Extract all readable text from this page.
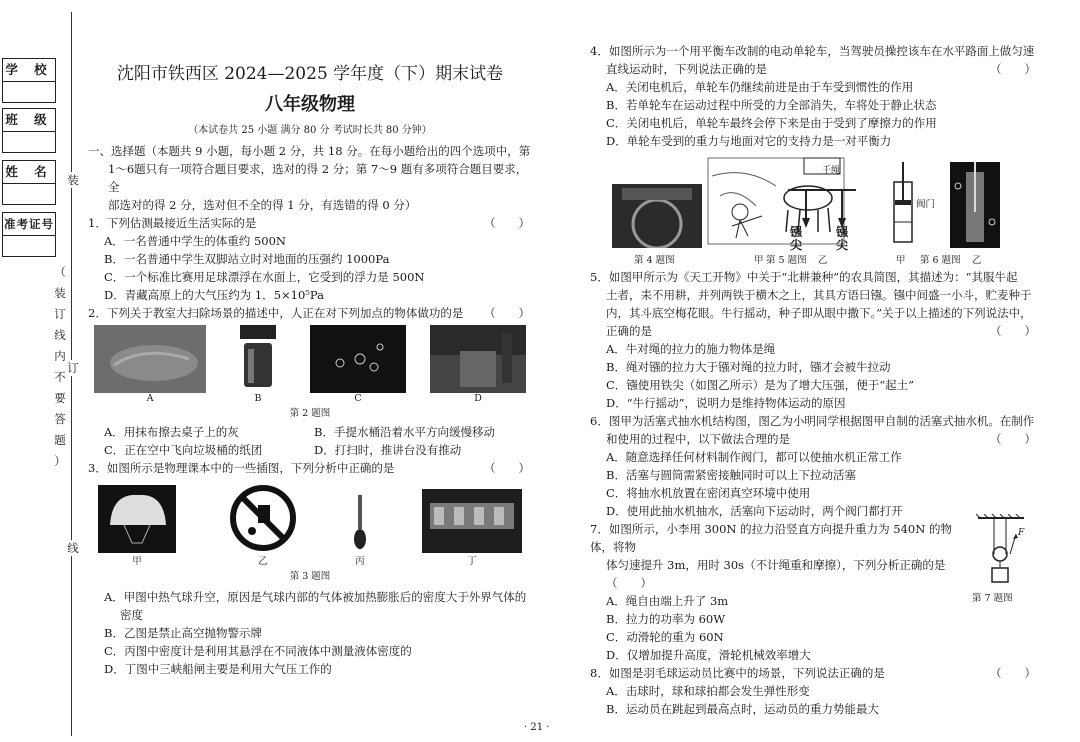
学 校
班 级
姓 名
准考证号
（
装
订
线
内
不
要
答
题
）
装
订
线
沈阳市铁西区 2024—2025 学年度（下）期末试卷
八年级物理
（本试卷共 25 小题 满分 80 分 考试时长共 80 分钟）

一、选择题（本题共 9 小题，每小题 2 分，共 18 分。在每小题给出的四个选项中，第

1～6题只有一项符合题目要求，选对的得 2 分；第 7～9 题有多项符合题目要求，全

部选对的得 2 分，选对但不全的得 1 分，有选错的得 0 分）

1．下列估测最接近生活实际的是	（　　）

A．一名普通中学生的体重约 500N

B．一名普通中学生双脚站立时对地面的压强约 1000Pa

C．一个标准比赛用足球漂浮在水面上，它受到的浮力是 500N

D．青藏高原上的大气压约为 1．5×10⁵Pa

2．下列关于教室大扫除场景的描述中，人正在对下列加点的物体做功的是 （　　）
A	B	C	D
第 2 题图
A．用抹布擦去桌子上的灰	B．手提水桶沿着水平方向缓慢移动
C．正在空中飞向垃圾桶的纸团	D．打扫时，推讲台没有推动
3．如图所示是物理课本中的一些插图，下列分析中正确的是	（　　）
甲	乙	丙	丁
第 3 题图

A．甲图中热气球升空，原因是气球内部的气体被加热膨胀后的密度大于外界气体的

密度

B．乙图是禁止高空抛物警示牌

C．丙图中密度计是利用其悬浮在不同液体中测量液体密度的

D．丁图中三峡船闸主要是利用大气压工作的

4．如图所示为一个用平衡车改制的电动单轮车，当驾驶员操控该车在水平路面上做匀速

直线运动时，下列说法正确的是	（　　）

A．关闭电机后，单轮车仍继续前进是由于车受到惯性的作用

B．若单轮车在运动过程中所受的力全部消失，车将处于静止状态

C．关闭电机后，单轮车最终会停下来是由于受到了摩擦力的作用

D．单轮车受到的重力与地面对它的支持力是一对平衡力

甲
千绳
镪尖
镪尖
乙
阀门
甲	乙
第 4 题图	第 5 题图	第 6 题图

5．如图甲所示为《天工开物》中关于“北耕兼种”的农具简图，其描述为：“其服牛起

土者，耒不用耕，并列两铁于横木之上，其具方语曰镪。镪中间盛一小斗，贮麦种于

内，其斗底空梅花眼。牛行摇动，种子即从眼中撒下。”关于以上描述的下列说法中，

正确的是	（　　）

A．牛对绳的拉力的施力物体是绳

B．绳对镪的拉力大于镪对绳的拉力时，镪才会被牛拉动

C．镪使用铁尖（如图乙所示）是为了增大压强，便于“起土”

D．“牛行摇动”，说明力是维持物体运动的原因

6．图甲为活塞式抽水机结构图，图乙为小明同学根据图甲自制的活塞式抽水机。在制作

和使用的过程中，以下做法合理的是	（　　）

A．随意选择任何材料制作阀门，都可以使抽水机正常工作

B．活塞与圆筒需紧密接触同时可以上下拉动活塞

C．将抽水机放置在密闭真空环境中使用

D．使用此抽水机抽水，活塞向下运动时，两个阀门都打开

7．如图所示，小李用 300N 的拉力沿竖直方向提升重力为 540N 的物体，将物

体匀速提升 3m，用时 30s（不计绳重和摩擦），下列分析正确的是（　　）

A．绳自由端上升了 3m

B．拉力的功率为 60W

C．动滑轮的重为 60N

D．仅增加提升高度，滑轮机械效率增大

F
第 7 题图
8．如图是羽毛球运动员比赛中的场景，下列说法正确的是	（　　）

A．击球时，球和球拍都会发生弹性形变

B．运动员在跳起到最高点时，运动员的重力势能最大

· 21 ·
